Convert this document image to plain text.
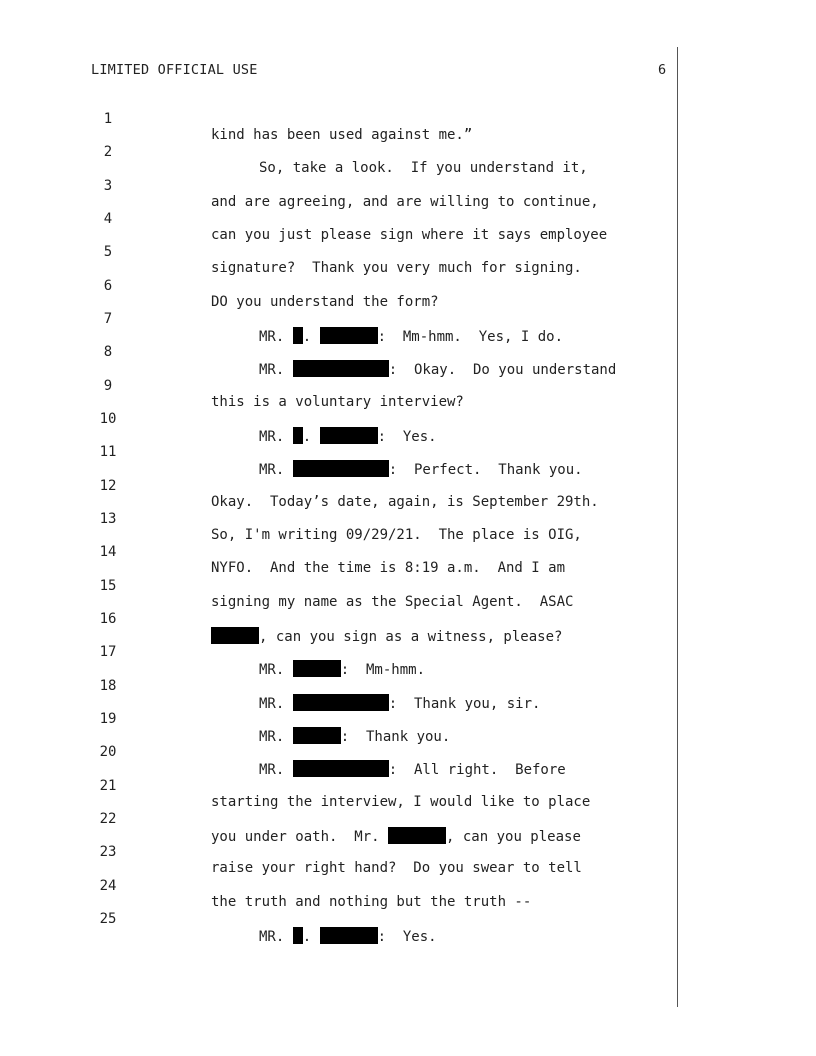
LIMITED OFFICIAL USE	6

1

kind has been used against me.”

2

So, take a look.  If you understand it,

3

and are agreeing, and are willing to continue,

4

can you just please sign where it says employee

5

signature?  Thank you very much for signing.

6

DO you understand the form?

7

MR. .	:  Mm-hmm.  Yes, I do.

8

MR.	:  Okay.  Do you understand

9

this is a voluntary interview?

10

MR. .	:  Yes.

11

MR.	:  Perfect.  Thank you.

12

Okay.  Today’s date, again, is September 29th.

13

So, I'm writing 09/29/21.  The place is OIG,

14

NYFO.  And the time is 8:19 a.m.  And I am

15

signing my name as the Special Agent.  ASAC

16

, can you sign as a witness, please?

17

MR.	:  Mm-hmm.

18

MR.	:  Thank you, sir.

19

MR.	:  Thank you.

20

MR.	:  All right.  Before

21

starting the interview, I would like to place

22

you under oath.  Mr.	, can you please

23

raise your right hand?  Do you swear to tell

24

the truth and nothing but the truth --

25

MR. .	:  Yes.
